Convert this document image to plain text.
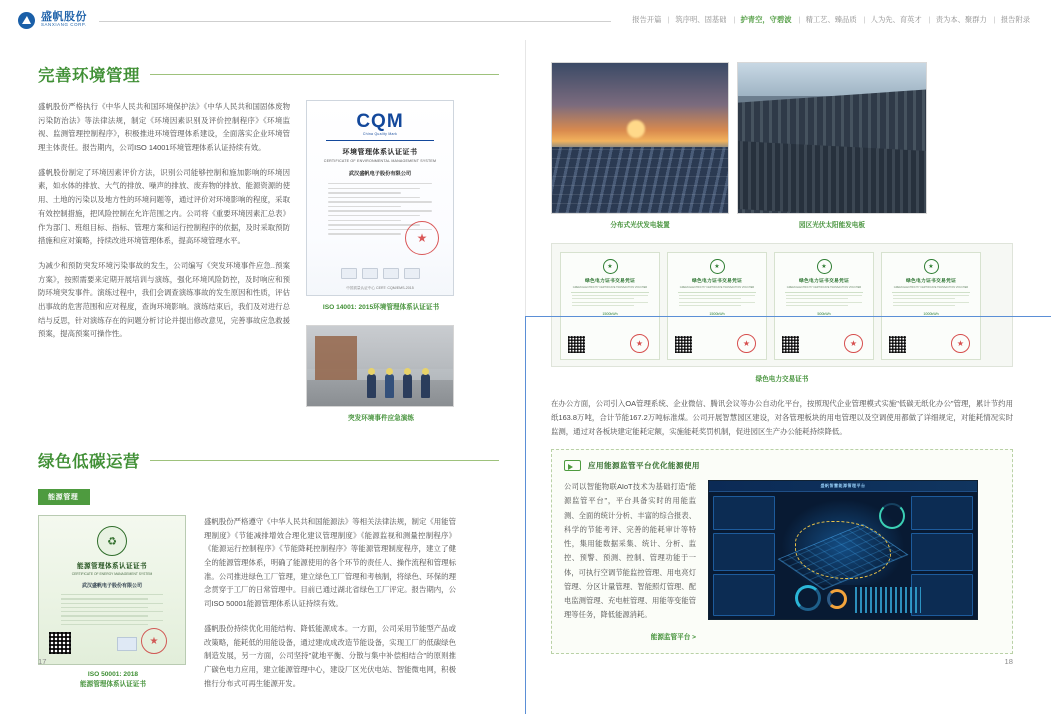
盛帆股份
SANXIANG CORP.
报告开篇	筑序明、固基础	护青空，守碧波	精工艺、臻品质	人为先、育英才	责为本、聚群力	报告附录
完善环境管理

盛帆股份严格执行《中华人民共和国环境保护法》《中华人民共和国固体废物污染防治法》等法律法规，制定《环境因素识别及评价控制程序》《环境监视、监测管理控制程序》，积极推进环境管理体系建设，全面落实企业环境管理主体责任。报告期内，公司ISO 14001环境管理体系认证持续有效。

盛帆股份制定了环境因素评价方法，识别公司能够控制和施加影响的环境因素，如水体的排放、大气的排放、噪声的排放、废弃物的排放、能源资源的使用、土地的污染以及地方性的环境问题等，通过评价对环境影响的程度，采取有效控制措施，把风险控制在允许范围之内。公司将《重要环境因素汇总表》作为部门、班组目标、指标、管理方案和运行控制程序的依据，及时采取预防措施和应对策略，持续改进环境管理体系，提高环境管理水平。

为减少和预防突发环境污染事故的发生，公司编写《突发环境事件应急..预案方案》，按照需要来定期开展培训与演练，强化环境风险防控，及时响应和预防环境突发事件。演练过程中，我们会调查演练事故的发生原因和性质，评估出事故的危害范围和应对程度，查询环境影响。演练结束后，我们及对进行总结与反思，针对演练存在的问题分析讨论并提出修改意见，完善事故应急救援预案，提高预案可操作性。

CQM
China Quality Mark
环境管理体系认证证书
CERTIFICATE OF ENVIRONMENTAL MANAGEMENT SYSTEM
武汉盛帆电子股份有限公司
★
中国质量认证中心 CERT: CQM/EMS-2015
ISO 14001: 2015环境管理体系认证证书
突发环境事件应急演练
绿色低碳运营
能源管理
♻
能源管理体系认证证书
CERTIFICATE OF ENERGY MANAGEMENT SYSTEM
武汉盛帆电子股份有限公司
★
ISO 50001: 2018
能源管理体系认证证书

盛帆股份严格遵守《中华人民共和国能源法》等相关法律法规，制定《用能管理制度》《节能减排增效合理化建议管理制度》《能源监视和测量控制程序》《能源运行控制程序》《节能降耗控制程序》等能源管理制度程序，建立了健全的能源管理体系，明确了能源使用的各个环节的责任人、操作流程和管理标准。公司推进绿色工厂管理，建立绿色工厂管理和考核制，将绿色、环保的理念贯穿于工厂的日常管理中。目前已通过湖北省绿色工厂评定。报告期内，公司ISO 50001能源管理体系认证持续有效。

盛帆股份持续优化用能结构、降低能源成本。一方面，公司采用节能型产品或改策略，能耗低的用能设备，通过建成成改造节能设备，实现工厂的低碳绿色制造发展，另一方面，公司坚持"就地平衡、分散与集中补偿相结合"的原则推广碳色电力应用，建立能源管理中心，建设厂区光伏电站、智能微电网，积极推行分布式可再生能源开发。

17
分布式光伏发电装置	园区光伏太阳能发电板
★
绿色电力证书交易凭证
GREEN ELECTRICITY CERTIFICATE TRANSACTION VOUCHER
1500kWh
★
★
绿色电力证书交易凭证
GREEN ELECTRICITY CERTIFICATE TRANSACTION VOUCHER
1500kWh
★
★
绿色电力证书交易凭证
GREEN ELECTRICITY CERTIFICATE TRANSACTION VOUCHER
500kWh
★
★
绿色电力证书交易凭证
GREEN ELECTRICITY CERTIFICATE TRANSACTION VOUCHER
1000kWh
★
绿色电力交易证书

在办公方面，公司引入OA管理系统、企业微信、腾讯会议等办公自动化平台，按照现代企业管理模式实施"低碳无纸化办公"管理，累计节约用纸163.8万吨，合计节能167.2万吨标准煤。公司开展智慧园区建设，对各管理板块的用电管理以及空调使用都做了详细规定，对能耗情况实时监测，通过对各板块建定能耗定额，实施能耗奖罚机制，促进园区生产办公能耗持续降低。

应用能源监管平台优化能源使用
公司以智能物联AIoT技术为基础打造"能源监管平台"，平台具备实时的用能监测、全面的统计分析、丰富的综合报表、科学的节能考评、完善的能耗审计等特性，集用能数据采集、统计、分析、监控、预警、预测、控制、管理功能于一体，可执行空调节能监控管理、用电亮灯管理、分区计量管理、智能照灯管理、配电监测管理、充电桩管理、用能等变能管理等任务，降低能源消耗。
能源监管平台 >
盛帆智慧能源管理平台
18
